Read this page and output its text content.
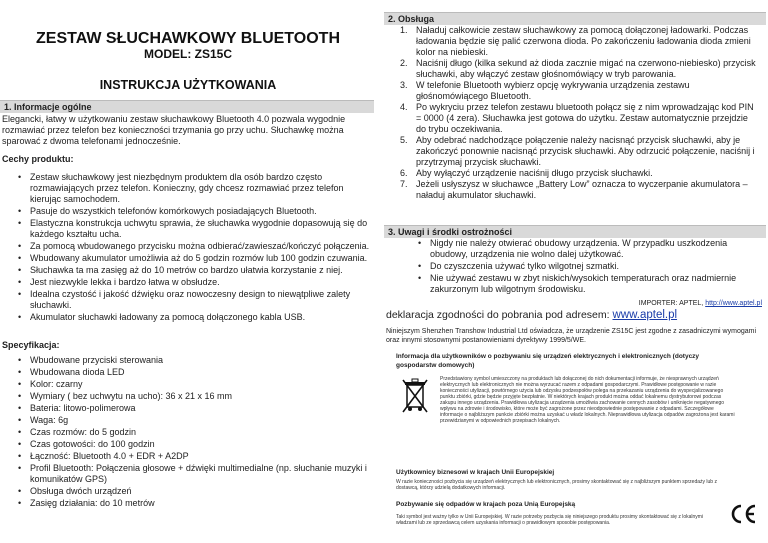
ZESTAW SŁUCHAWKOWY BLUETOOTH
MODEL: ZS15C
INSTRUKCJA UŻYTKOWANIA
1. Informacje ogólne
Elegancki, łatwy w użytkowaniu zestaw słuchawkowy Bluetooth 4.0 pozwala wygodnie rozmawiać przez telefon bez konieczności trzymania go przy uchu. Słuchawkę można sparować z dwoma telefonami jednocześnie.
Cechy produktu:
• Zestaw słuchawkowy jest niezbędnym produktem dla osób bardzo często rozmawiających przez telefon. Konieczny, gdy chcesz rozmawiać przez telefon kierując samochodem.
• Pasuje do wszystkich telefonów komórkowych posiadających Bluetooth.
• Elastyczna konstrukcja uchwytu sprawia, że słuchawka wygodnie dopasowują się do każdego kształtu ucha.
• Za pomocą wbudowanego przycisku można odbierać/zawieszać/kończyć połączenia.
• Wbudowany akumulator umożliwia aż do 5 godzin rozmów lub 100 godzin czuwania.
• Słuchawka ta ma zasięg aż do 10 metrów co bardzo ułatwia korzystanie z niej.
• Jest niezwykle lekka i bardzo łatwa w obsłudze.
• Idealna czystość i jakość dźwięku oraz nowoczesny design to niewątpliwe zalety słuchawki.
• Akumulator słuchawki ładowany za pomocą dołączonego kabla USB.
Specyfikacja:
• Wbudowane przyciski sterowania
• Wbudowana dioda LED
• Kolor: czarny
• Wymiary ( bez uchwytu na ucho): 36 x 21 x 16 mm
• Bateria: litowo-polimerowa
• Waga: 6g
• Czas rozmów: do 5 godzin
• Czas gotowości: do 100 godzin
• Łączność: Bluetooth 4.0 + EDR + A2DP
• Profil Bluetooth: Połączenia głosowe + dźwięki multimedialne (np. słuchanie muzyki i komunikatów GPS)
• Obsługa dwóch urządzeń
• Zasięg działania: do 10 metrów
2. Obsługa
1. Naładuj całkowicie zestaw słuchawkowy za pomocą dołączonej ładowarki. Podczas ładowania będzie się palić czerwona dioda. Po zakończeniu ładowania dioda zmieni kolor na niebieski.
2. Naciśnij długo (kilka sekund aż dioda zacznie migać na czerwono-niebiesko) przycisk słuchawki, aby włączyć zestaw głośnomówiący w tryb parowania.
3. W telefonie Bluetooth wybierz opcję wykrywania urządzenia zestawu głośnomówiącego Bluetooth.
4. Po wykryciu przez telefon zestawu bluetooth połącz się z nim wprowadzając kod PIN = 0000 (4 zera). Słuchawka jest gotowa do użytku. Zestaw automatycznie przejdzie do trybu oczekiwania.
5. Aby odebrać nadchodzące połączenie należy nacisnąć przycisk słuchawki, aby je zakończyć ponownie nacisnąć przycisk słuchawki. Aby odrzucić połączenie, naciśnij i przytrzymaj przycisk słuchawki.
6. Aby wyłączyć urządzenie naciśnij długo przycisk słuchawki.
7. Jeżeli usłyszysz w słuchawce „Battery Low” oznacza to wyczerpanie akumulatora – naładuj akumulator słuchawki.
3. Uwagi i środki ostrożności
• Nigdy nie należy otwierać obudowy urządzenia. W przypadku uszkodzenia obudowy, urządzenia nie wolno dalej użytkować.
• Do czyszczenia używać tylko wilgotnej szmatki.
• Nie używać zestawu w zbyt niskich/wysokich temperaturach oraz nadmiernie zakurzonym lub wilgotnym środowisku.
IMPORTER: APTEL, http://www.aptel.pl
deklaracja zgodności do pobrania pod adresem: www.aptel.pl
Niniejszym Shenzhen Transhow Industrial Ltd oświadcza, że urządzenie ZS15C jest zgodne z zasadniczymi wymogami oraz innymi stosownymi postanowieniami dyrektywy 1999/5/WE.
Informacja dla użytkowników o pozbywaniu się urządzeń elektrycznych i elektronicznych (dotyczy gospodarstw domowych)
Przedstawiony symbol umieszczony na produktach lub dołączonej do nich dokumentacji informuje, że niesprawnych urządzeń elektrycznych lub elektronicznych nie można wyrzucać razem z odpadami gospodarczymi. Prawidłowe postępowanie w razie konieczności utylizacji, powtórnego użycia lub odzysku podzespołów polega na przekazaniu urządzenia do wyspecjalizowanego punktu zbiórki, gdzie będzie przyjęte bezpłatnie. W niektórych krajach produkt można oddać lokalnemu dystrybutorowi podczas zakupu innego urządzenia. Prawidłowa utylizacja urządzenia umożliwia zachowanie cennych zasobów i uniknięcie negatywnego wpływu na zdrowie i środowisko, które może być zagrożone przez nieodpowiednie postępowanie z odpadami. Szczegółowe informacje o najbliższym punkcie zbiórki można uzyskać u władz lokalnych. Nieprawidłowa utylizacja odpadów zagrożona jest karami przewidzianymi w odpowiednich przepisach lokalnych.
Użytkownicy biznesowi w krajach Unii Europejskiej
W razie konieczności pozbycia się urządzeń elektrycznych lub elektronicznych, prosimy skontaktować się z najbliższym punktem sprzedaży lub z dostawcą, którzy udzielą dodatkowych informacji.
Pozbywanie się odpadów w krajach poza Unią Europejską
Taki symbol jest ważny tylko w Unii Europejskiej. W razie potrzeby pozbycia się niniejszego produktu prosimy skontaktować się z lokalnymi władzami lub ze sprzedawcą celem uzyskania informacji o prawidłowym sposobie postępowania.
